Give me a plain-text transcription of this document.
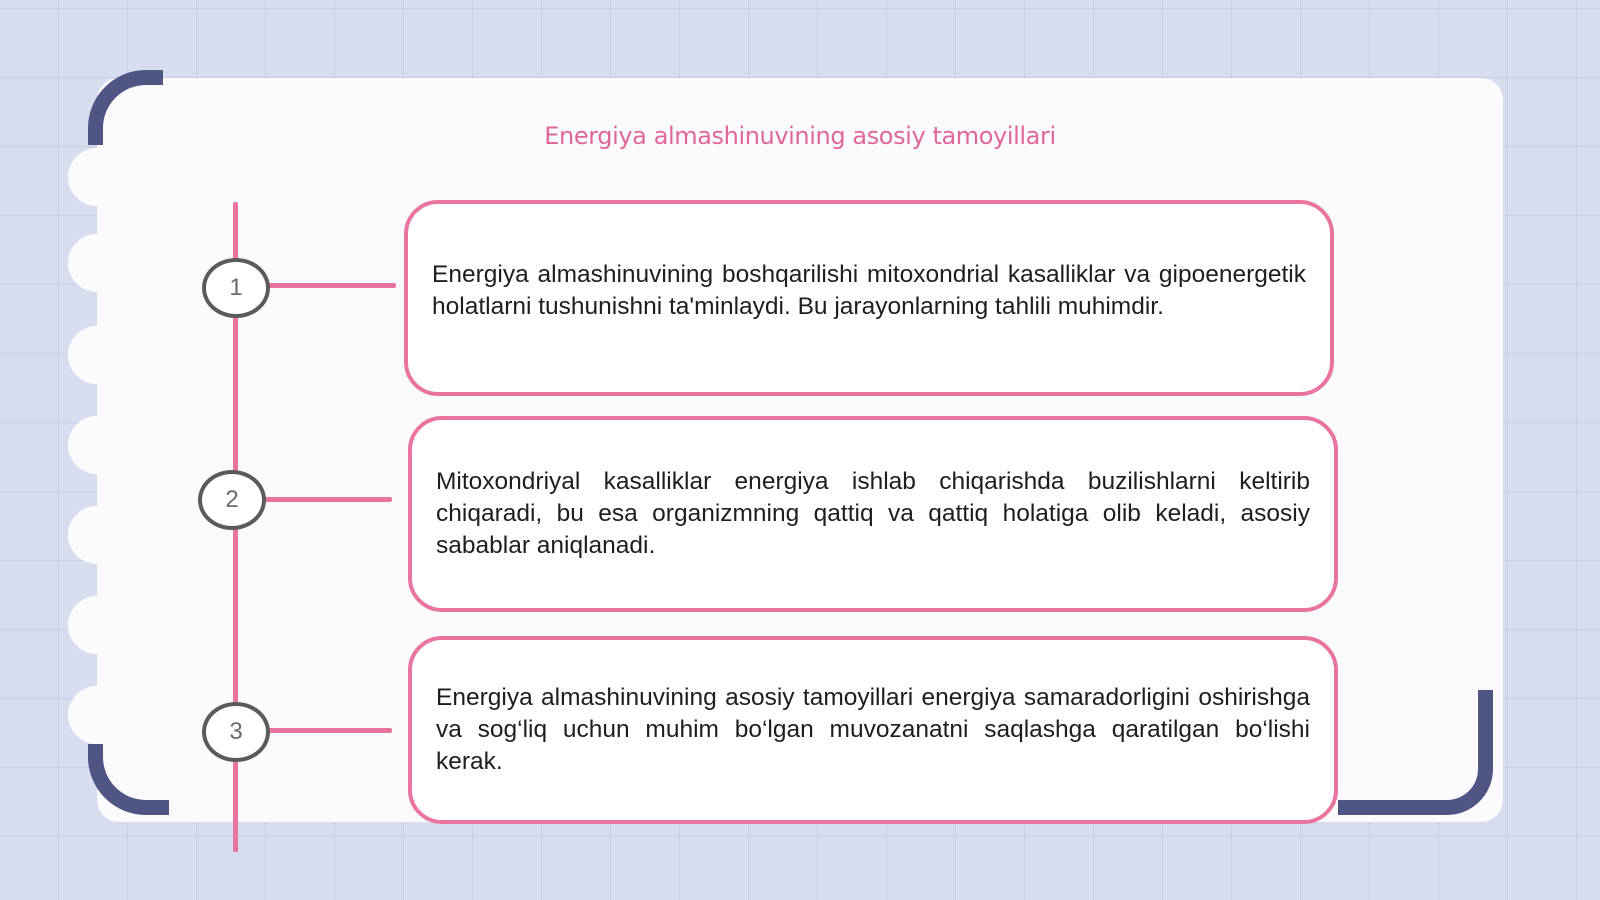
Energiya almashinuvining asosiy tamoyillari
1
2
3

Energiya almashinuvining boshqarilishi mitoxondrial kasalliklar va gipoenergetik holatlarni tushunishni ta'minlaydi. Bu jarayonlarning tahlili muhimdir.

Mitoxondriyal kasalliklar energiya ishlab chiqarishda buzilishlarni keltirib chiqaradi, bu esa organizmning qattiq va qattiq holatiga olib keladi, asosiy sabablar aniqlanadi.

Energiya almashinuvining asosiy tamoyillari energiya samaradorligini oshirishga va sog‘liq uchun muhim bo‘lgan muvozanatni saqlashga qaratilgan bo‘lishi kerak.
